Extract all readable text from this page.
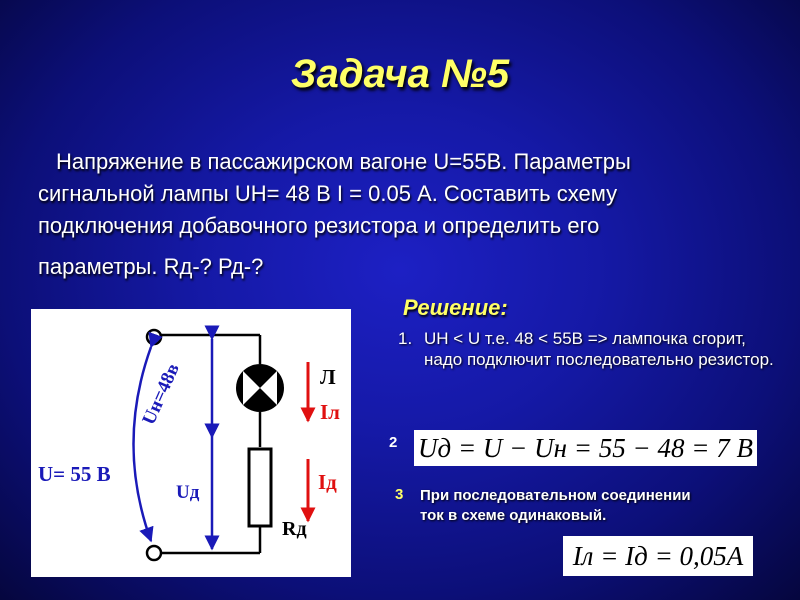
Задача №5
Напряжение в пассажирском вагоне U=55В. Параметры
сигнальной лампы UН= 48 В I = 0.05 А. Составить схему
подключения добавочного резистора и определить его
параметры. Rд-? Рд-?
U= 55 В
Uн=48в
Uд
Л
Iл
Iд
Rд
Решение:
1. UН < U т.е. 48 < 55В => лампочка сгорит, надо подключит последовательно резистор.
2 Uд = U − Uн = 55 − 48 = 7 В
3 При последовательном соединении ток в схеме одинаковый.
Iл = Iд = 0,05А
